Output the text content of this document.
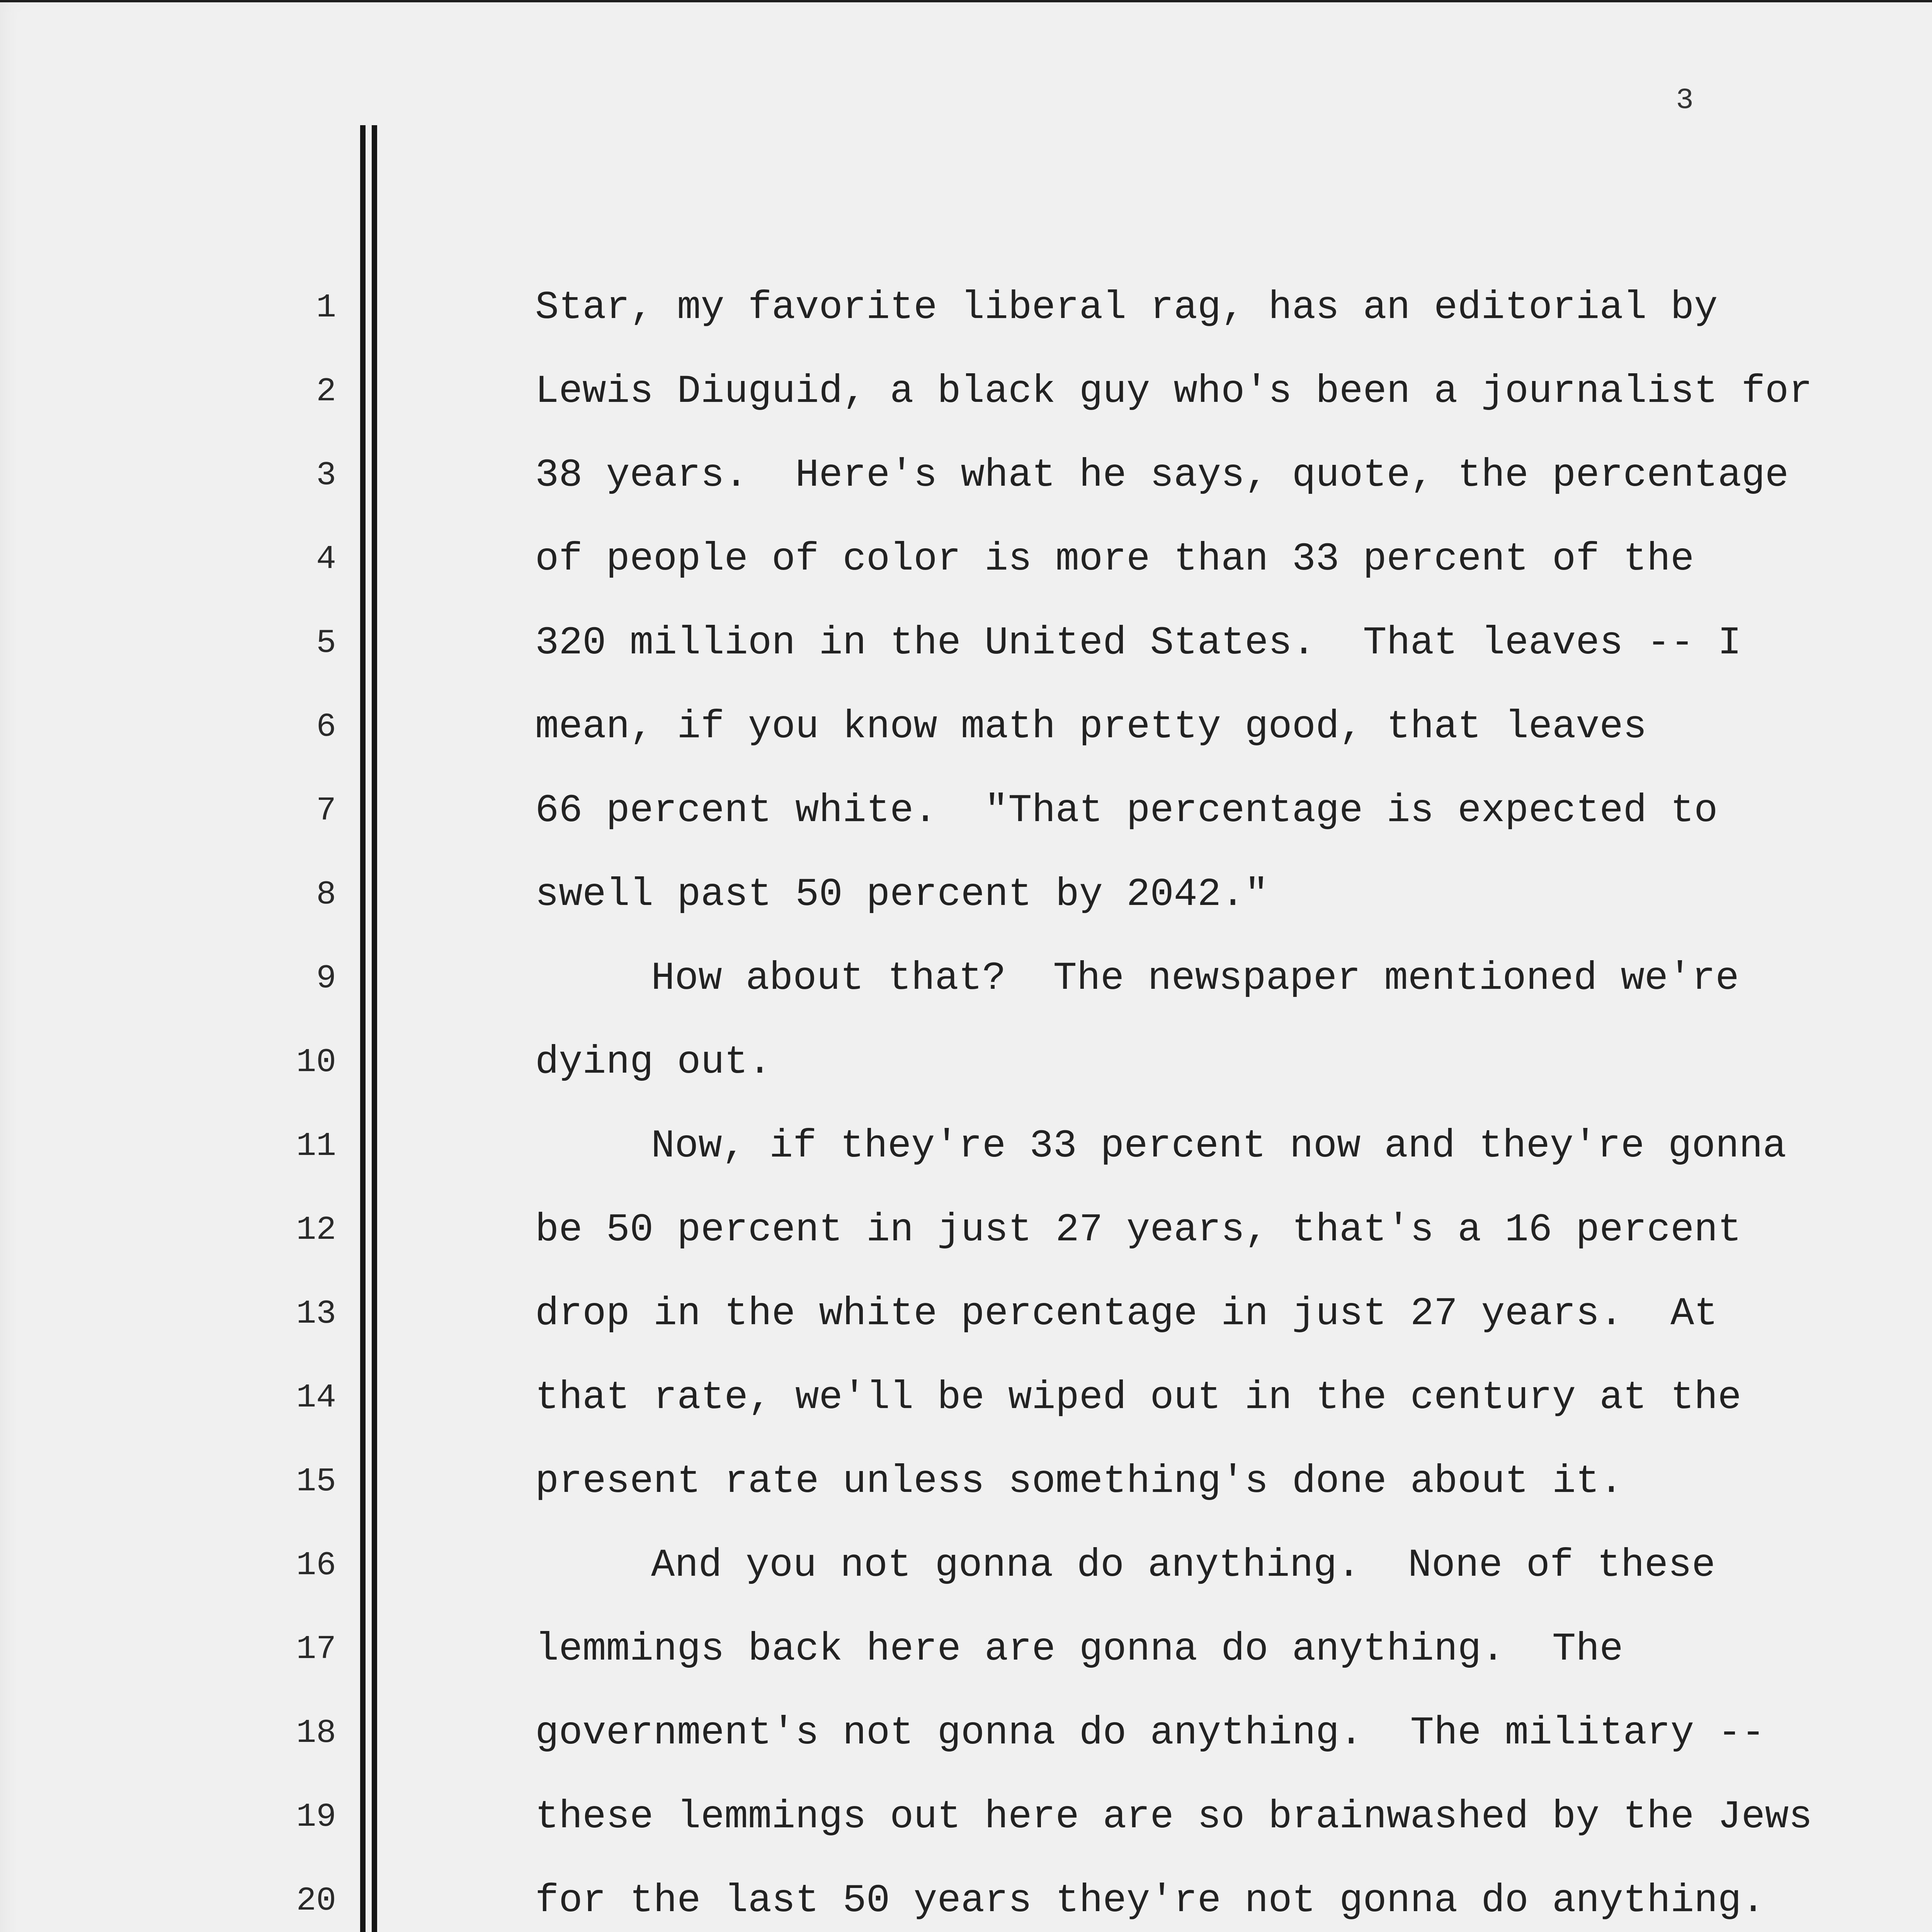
3
1
2
3
4
5
6
7
8
9
10
11
12
13
14
15
16
17
18
19
20
Star, my favorite liberal rag, has an editorial by
Lewis Diuguid, a black guy who's been a journalist for
38 years.  Here's what he says, quote, the percentage
of people of color is more than 33 percent of the
320 million in the United States.  That leaves -- I
mean, if you know math pretty good, that leaves
66 percent white.  "That percentage is expected to
swell past 50 percent by 2042."
How about that?  The newspaper mentioned we're
dying out.
Now, if they're 33 percent now and they're gonna
be 50 percent in just 27 years, that's a 16 percent
drop in the white percentage in just 27 years.  At
that rate, we'll be wiped out in the century at the
present rate unless something's done about it.
And you not gonna do anything.  None of these
lemmings back here are gonna do anything.  The
government's not gonna do anything.  The military --
these lemmings out here are so brainwashed by the Jews
for the last 50 years they're not gonna do anything.
